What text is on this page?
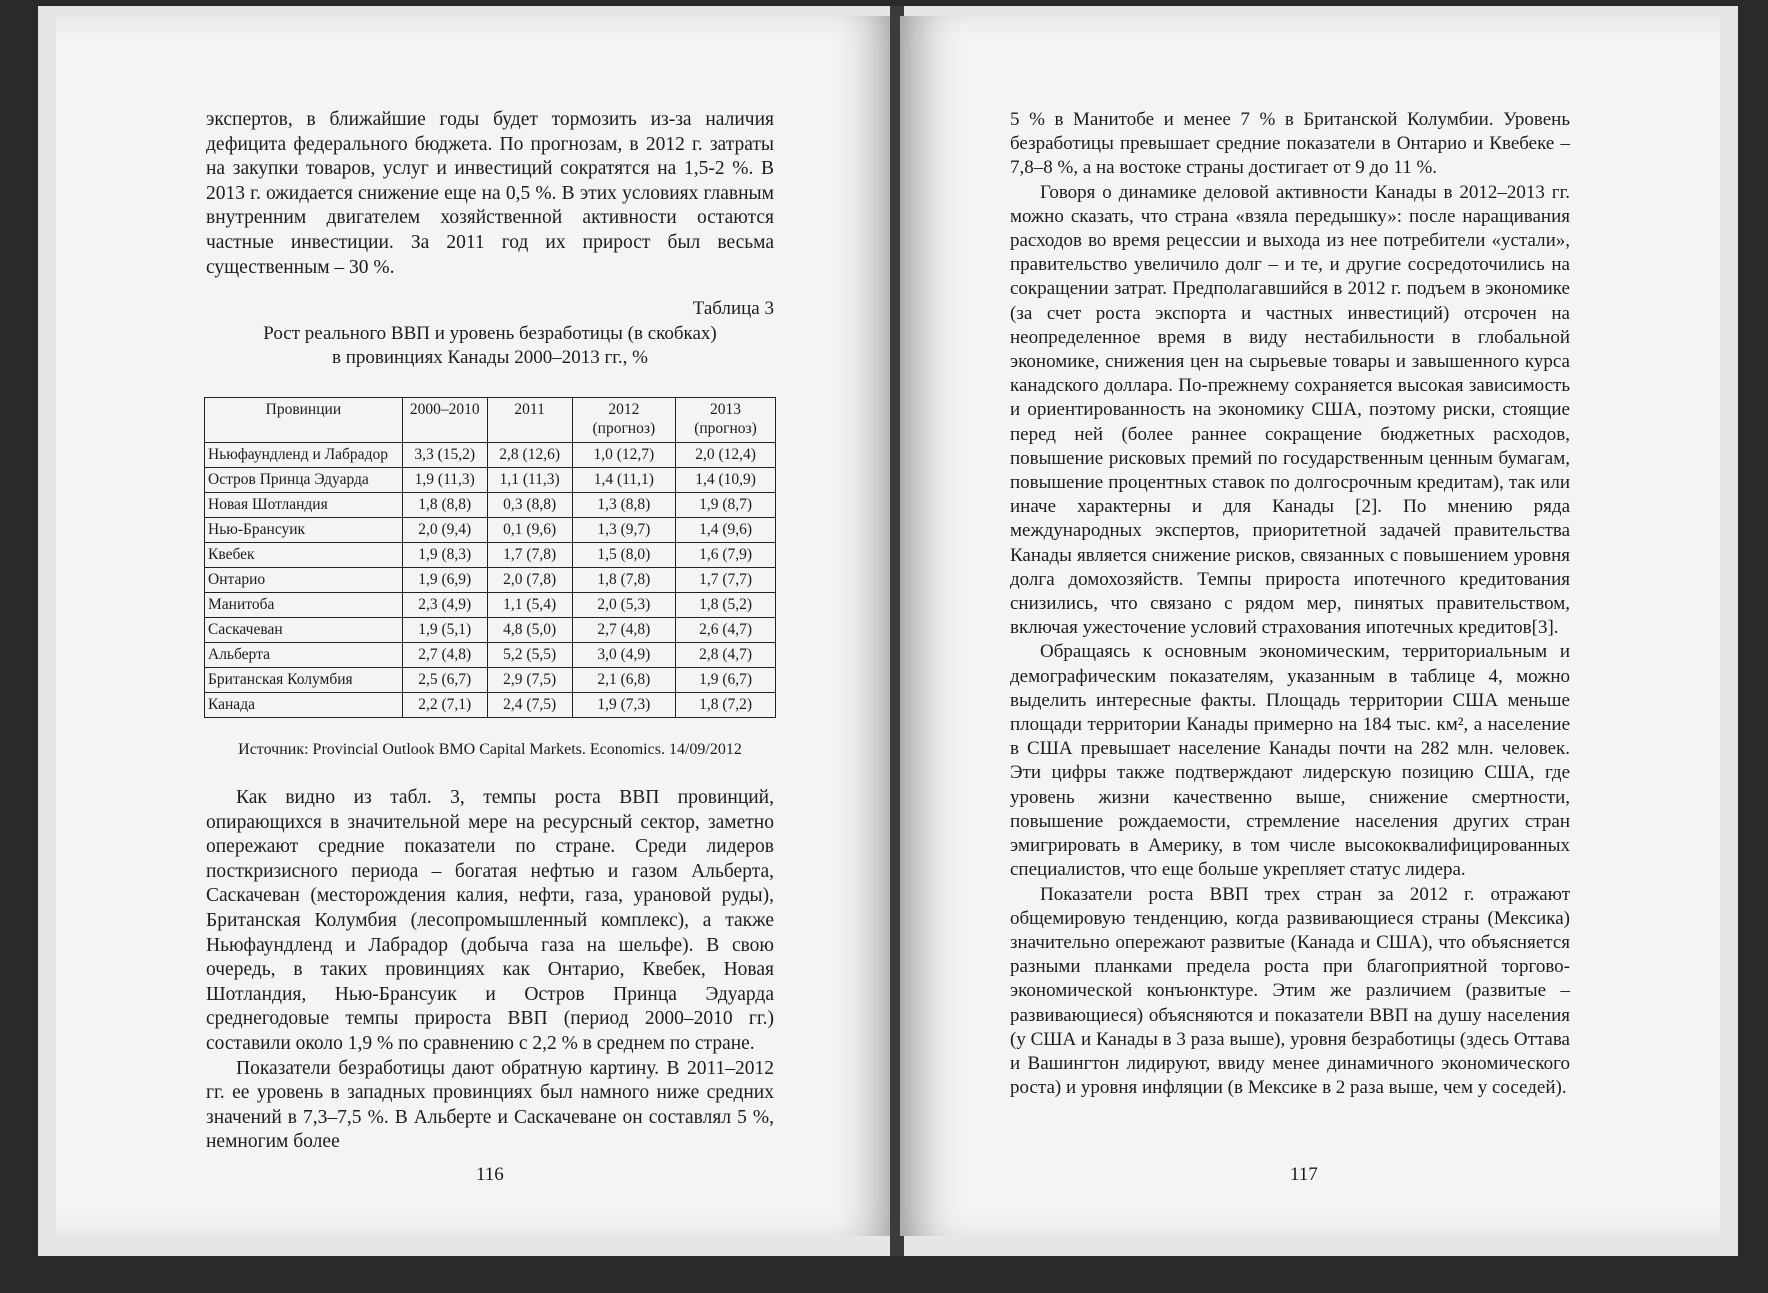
экспертов, в ближайшие годы будет тормозить из-за наличия дефицита федерального бюджета. По прогнозам, в 2012 г. затраты на закупки товаров, услуг и инвестиций сократятся на 1,5-2 %. В 2013 г. ожидается снижение еще на 0,5 %. В этих условиях главным внутренним двигателем хозяйственной активности остаются частные инвестиции. За 2011 год их прирост был весьма существенным – 30 %.

Таблица 3
Рост реального ВВП и уровень безработицы (в скобках)
в провинциях Канады 2000–2013 гг., %
Провинции	2000–2010	2011	2012 (прогноз)	2013 (прогноз)
Ньюфаундленд и Лабрадор	3,3 (15,2)	2,8 (12,6)	1,0 (12,7)	2,0 (12,4)
Остров Принца Эдуарда	1,9 (11,3)	1,1 (11,3)	1,4 (11,1)	1,4 (10,9)
Новая Шотландия	1,8 (8,8)	0,3 (8,8)	1,3 (8,8)	1,9 (8,7)
Нью-Брансуик	2,0 (9,4)	0,1 (9,6)	1,3 (9,7)	1,4 (9,6)
Квебек	1,9 (8,3)	1,7 (7,8)	1,5 (8,0)	1,6 (7,9)
Онтарио	1,9 (6,9)	2,0 (7,8)	1,8 (7,8)	1,7 (7,7)
Манитоба	2,3 (4,9)	1,1 (5,4)	2,0 (5,3)	1,8 (5,2)
Саскачеван	1,9 (5,1)	4,8 (5,0)	2,7 (4,8)	2,6 (4,7)
Альберта	2,7 (4,8)	5,2 (5,5)	3,0 (4,9)	2,8 (4,7)
Британская Колумбия	2,5 (6,7)	2,9 (7,5)	2,1 (6,8)	1,9 (6,7)
Канада	2,2 (7,1)	2,4 (7,5)	1,9 (7,3)	1,8 (7,2)
Источник: Provincial Outlook BMO Capital Markets. Economics. 14/09/2012

Как видно из табл. 3, темпы роста ВВП провинций, опирающихся в значительной мере на ресурсный сектор, заметно опережают средние показатели по стране. Среди лидеров посткризисного периода – богатая нефтью и газом Альберта, Саскачеван (месторождения калия, нефти, газа, урановой руды), Британская Колумбия (лесопромышленный комплекс), а также Ньюфаундленд и Лабрадор (добыча газа на шельфе). В свою очередь, в таких провинциях как Онтарио, Квебек, Новая Шотландия, Нью-Брансуик и Остров Принца Эдуарда среднегодовые темпы прироста ВВП (период 2000–2010 гг.) составили около 1,9 % по сравнению с 2,2 % в среднем по стране.

Показатели безработицы дают обратную картину. В 2011–2012 гг. ее уровень в западных провинциях был намного ниже средних значений в 7,3–7,5 %. В Альберте и Саскачеване он составлял 5 %, немногим более

116

5 % в Манитобе и менее 7 % в Британской Колумбии. Уровень безработицы превышает средние показатели в Онтарио и Квебеке – 7,8–8 %, а на востоке страны достигает от 9 до 11 %.

Говоря о динамике деловой активности Канады в 2012–2013 гг. можно сказать, что страна «взяла передышку»: после наращивания расходов во время рецессии и выхода из нее потребители «устали», правительство увеличило долг – и те, и другие сосредоточились на сокращении затрат. Предполагавшийся в 2012 г. подъем в экономике (за счет роста экспорта и частных инвестиций) отсрочен на неопределенное время в виду нестабильности в глобальной экономике, снижения цен на сырьевые товары и завышенного курса канадского доллара. По-прежнему сохраняется высокая зависимость и ориентированность на экономику США, поэтому риски, стоящие перед ней (более раннее сокращение бюджетных расходов, повышение рисковых премий по государственным ценным бумагам, повышение процентных ставок по долгосрочным кредитам), так или иначе характерны и для Канады [2]. По мнению ряда международных экспертов, приоритетной задачей правительства Канады является снижение рисков, связанных с повышением уровня долга домохозяйств. Темпы прироста ипотечного кредитования снизились, что связано с рядом мер, пинятых правительством, включая ужесточение условий страхования ипотечных кредитов[3].

Обращаясь к основным экономическим, территориальным и демографическим показателям, указанным в таблице 4, можно выделить интересные факты. Площадь территории США меньше площади территории Канады примерно на 184 тыс. км², а население в США превышает население Канады почти на 282 млн. человек. Эти цифры также подтверждают лидерскую позицию США, где уровень жизни качественно выше, снижение смертности, повышение рождаемости, стремление населения других стран эмигрировать в Америку, в том числе высококвалифицированных специалистов, что еще больше укрепляет статус лидера.

Показатели роста ВВП трех стран за 2012 г. отражают общемировую тенденцию, когда развивающиеся страны (Мексика) значительно опережают развитые (Канада и США), что объясняется разными планками предела роста при благоприятной торгово-экономической конъюнктуре. Этим же различием (развитые – развивающиеся) объясняются и показатели ВВП на душу населения (у США и Канады в 3 раза выше), уровня безработицы (здесь Оттава и Вашингтон лидируют, ввиду менее динамичного экономического роста) и уровня инфляции (в Мексике в 2 раза выше, чем у соседей).

117
